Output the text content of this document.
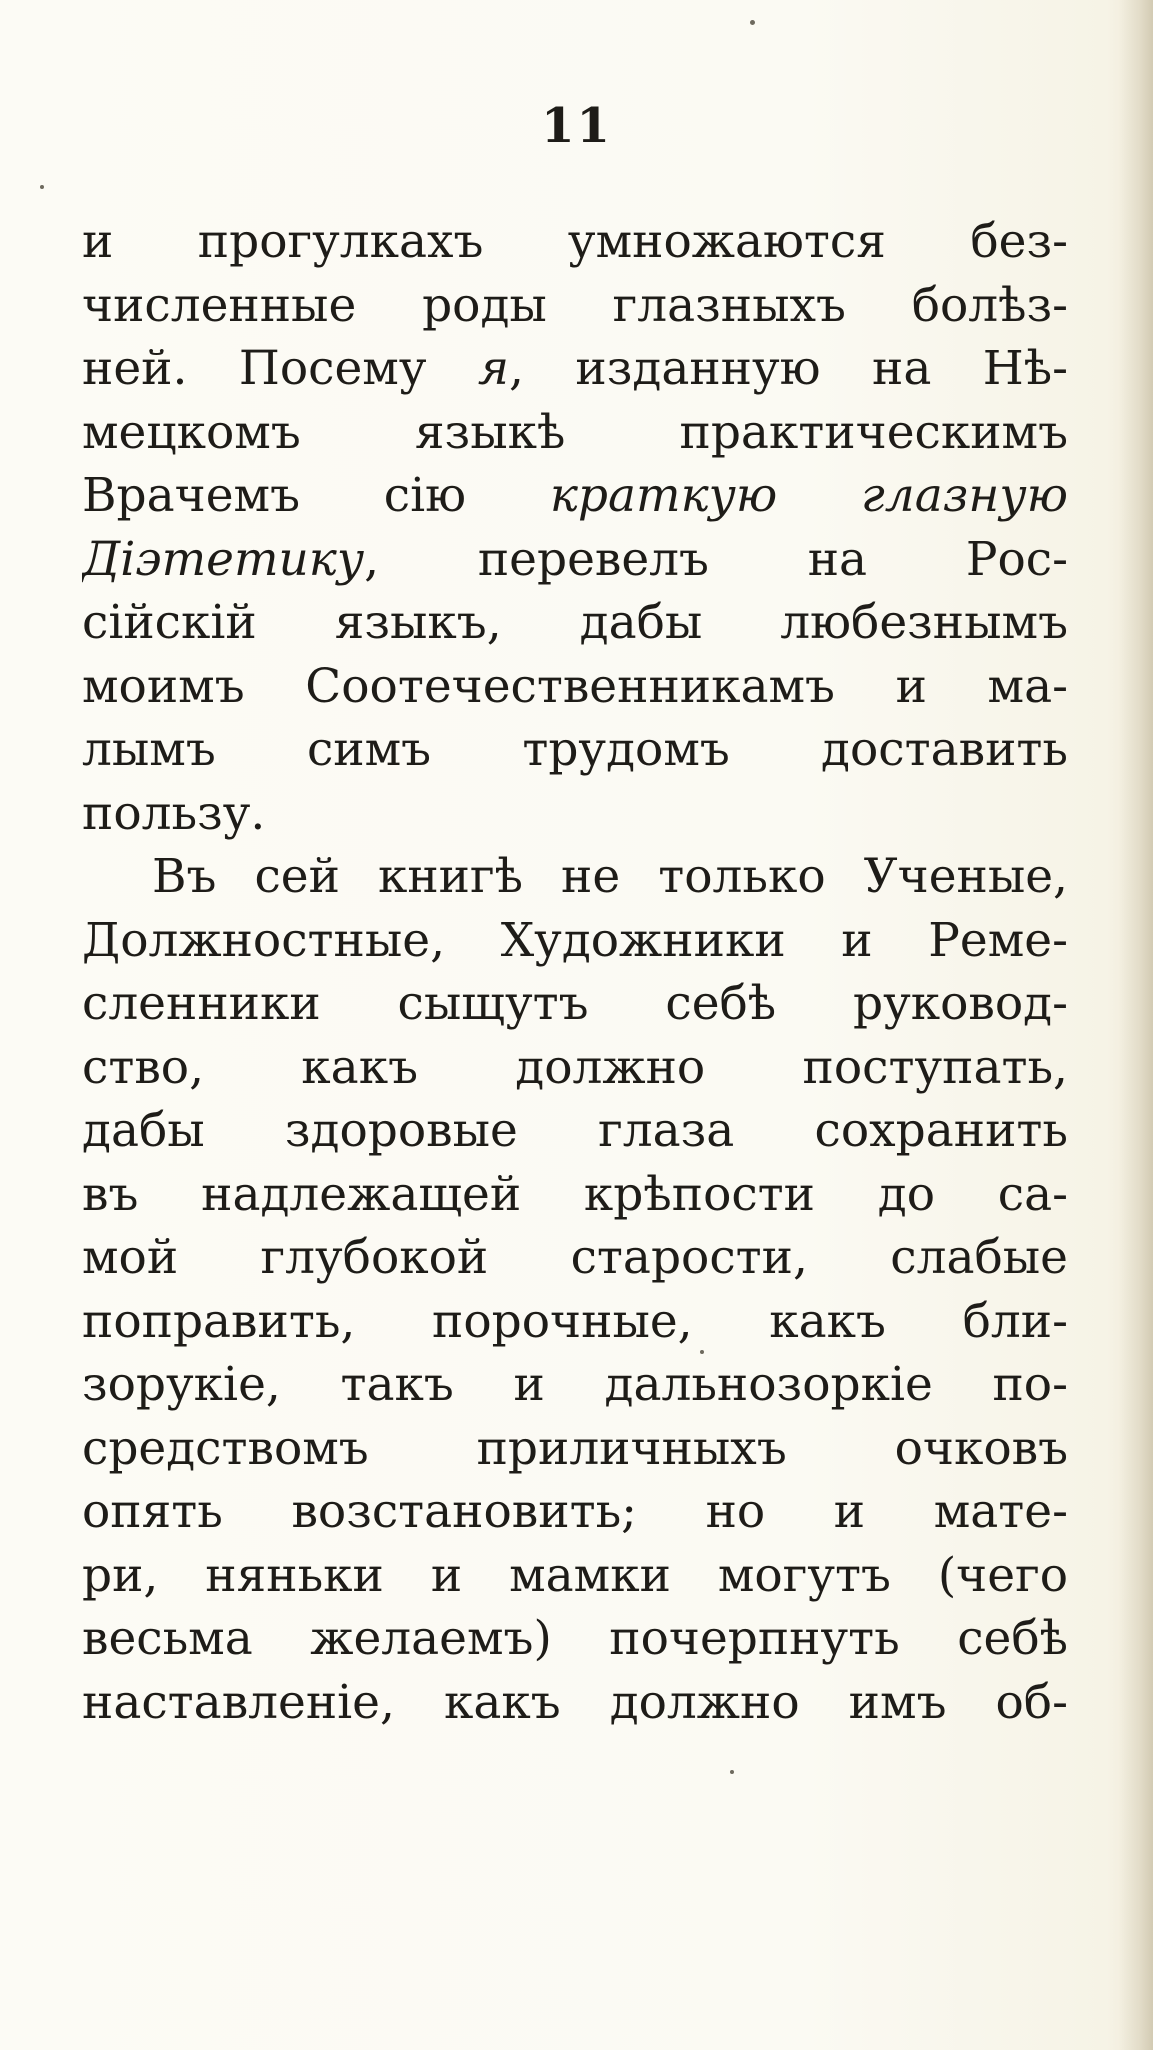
11
и прогулкахъ умножаются без-
численные роды глазныхъ болѣз-
ней. Посему я, изданную на Нѣ-
мецкомъ языкѣ практическимъ
Врачемъ сію краткую глазную
Діэтетику, перевелъ на Рос-
сійскій языкъ, дабы любезнымъ
моимъ Соотечественникамъ и ма-
лымъ симъ трудомъ доставить
пользу.
Въ сей книгѣ не только Ученые,
Должностные, Художники и Реме-
сленники сыщутъ себѣ руковод-
ство, какъ должно поступать,
дабы здоровые глаза сохранить
въ надлежащей крѣпости до са-
мой глубокой старости, слабые
поправить, порочные, какъ бли-
зорукіе, такъ и дальнозоркіе по-
средствомъ приличныхъ очковъ
опять возстановить; но и мате-
ри, няньки и мамки могутъ (чего
весьма желаемъ) почерпнуть себѣ
наставленіе, какъ должно имъ об-
